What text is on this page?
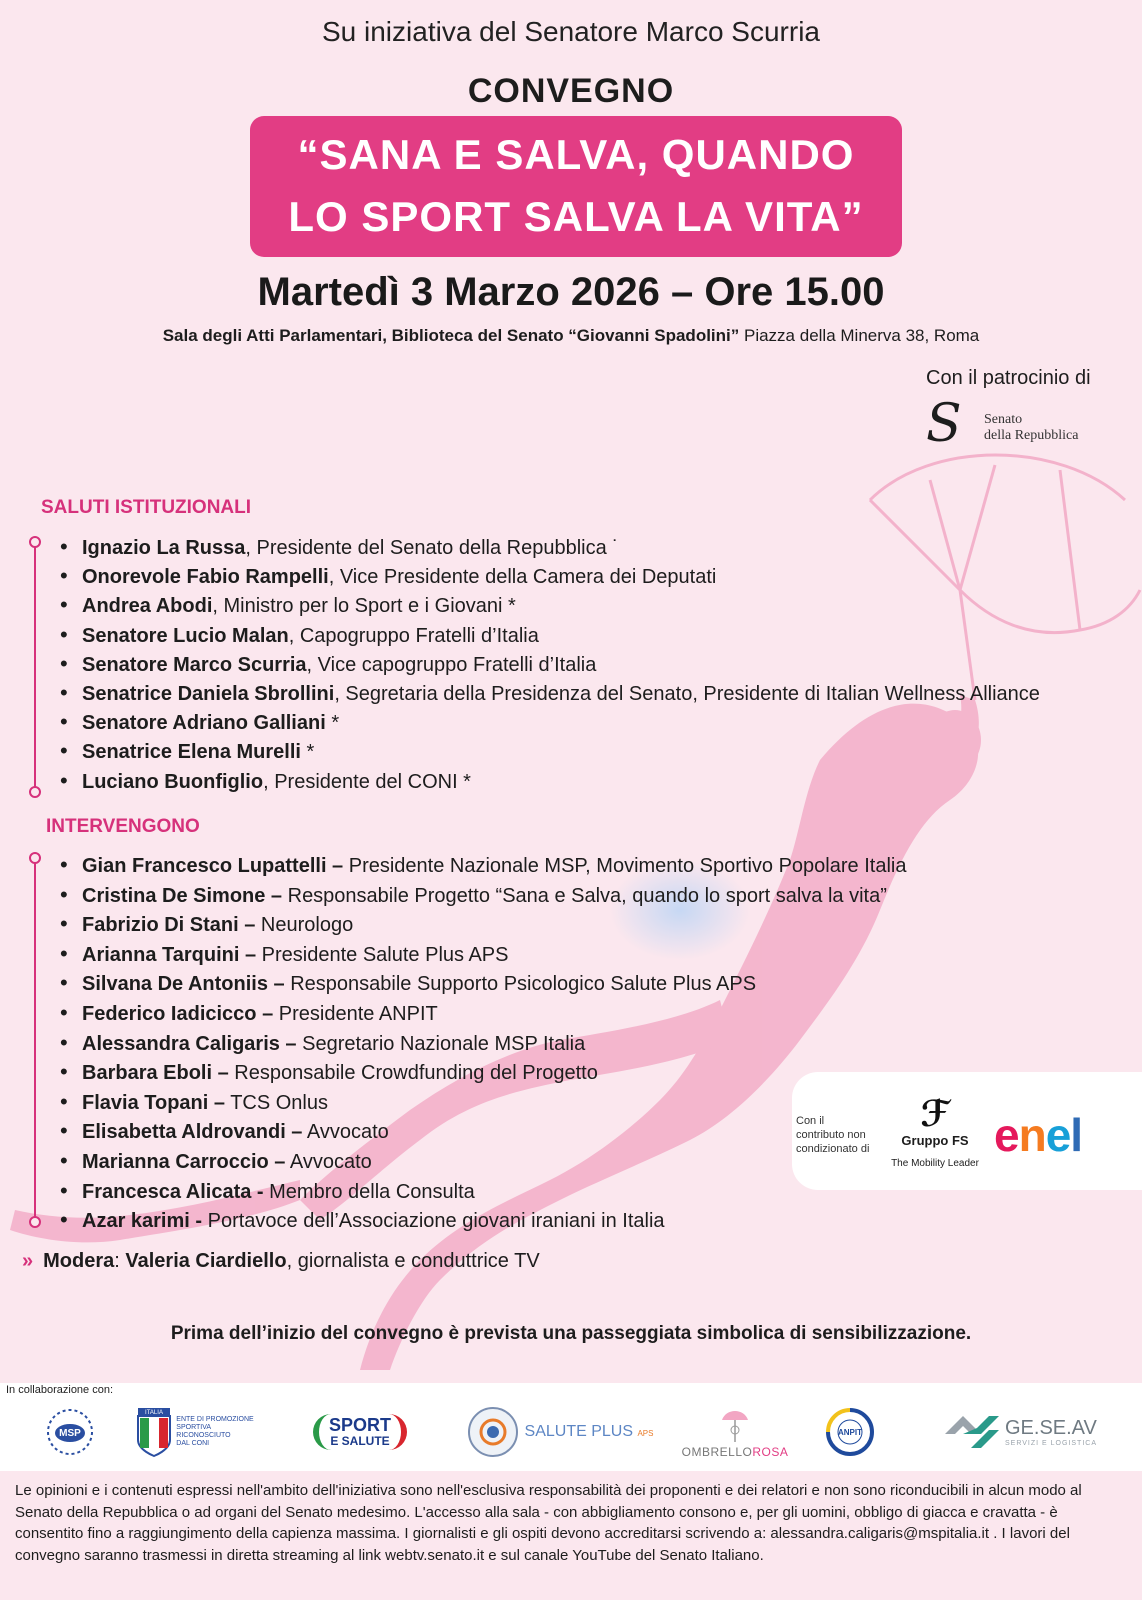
Su iniziativa del Senatore Marco Scurria
CONVEGNO
“SANA E SALVA, QUANDO
LO SPORT SALVA LA VITA”
Martedì 3 Marzo 2026 – Ore 15.00
Sala degli Atti Parlamentari, Biblioteca del Senato “Giovanni Spadolini” Piazza della Minerva 38, Roma
Con il patrocinio di
S Senato
della Repubblica
SALUTI ISTITUZIONALI
• Ignazio La Russa, Presidente del Senato della Repubblica ˙
• Onorevole Fabio Rampelli, Vice Presidente della Camera dei Deputati
• Andrea Abodi, Ministro per lo Sport e i Giovani *
• Senatore Lucio Malan, Capogruppo Fratelli d’Italia
• Senatore Marco Scurria, Vice capogruppo Fratelli d’Italia
• Senatrice Daniela Sbrollini, Segretaria della Presidenza del Senato, Presidente di Italian Wellness Alliance
• Senatore Adriano Galliani *
• Senatrice Elena Murelli *
• Luciano Buonfiglio, Presidente del CONI *
INTERVENGONO
• Gian Francesco Lupattelli – Presidente Nazionale MSP, Movimento Sportivo Popolare Italia
• Cristina De Simone – Responsabile Progetto “Sana e Salva, quando lo sport salva la vita”
• Fabrizio Di Stani – Neurologo
• Arianna Tarquini – Presidente Salute Plus APS
• Silvana De Antoniis – Responsabile Supporto Psicologico Salute Plus APS
• Federico Iadicicco – Presidente ANPIT
• Alessandra Caligaris – Segretario Nazionale MSP Italia
• Barbara Eboli – Responsabile Crowdfunding del Progetto
• Flavia Topani – TCS Onlus
• Elisabetta Aldrovandi – Avvocato
• Marianna Carroccio – Avvocato
• Francesca Alicata - Membro della Consulta
• Azar karimi - Portavoce dell’Associazione giovani iraniani in Italia
» Modera: Valeria Ciardiello, giornalista e conduttrice TV
Prima dell’inizio del convegno è prevista una passeggiata simbolica di sensibilizzazione.
Con il
contributo non
condizionato di
ℱ
Gruppo FS
The Mobility Leader
enel
In collaborazione con:
MSP
ITALIA
ENTE DI PROMOZIONE
SPORTIVA
RICONOSCIUTO
DAL CONI
SPORT
E SALUTE
SALUTE PLUS APS
OMBRELLOROSA
ANPIT	GE.SE.AV
SERVIZI E LOGISTICA
Le opinioni e i contenuti espressi nell'ambito dell'iniziativa sono nell'esclusiva responsabilità dei proponenti e dei relatori e non sono riconducibili in alcun modo al Senato della Repubblica o ad organi del Senato medesimo. L'accesso alla sala - con abbigliamento consono e, per gli uomini, obbligo di giacca e cravatta - è consentito fino a raggiungimento della capienza massima. I giornalisti e gli ospiti devono accreditarsi scrivendo a: alessandra.caligaris@mspitalia.it . I lavori del convegno saranno trasmessi in diretta streaming al link webtv.senato.it e sul canale YouTube del Senato Italiano.
